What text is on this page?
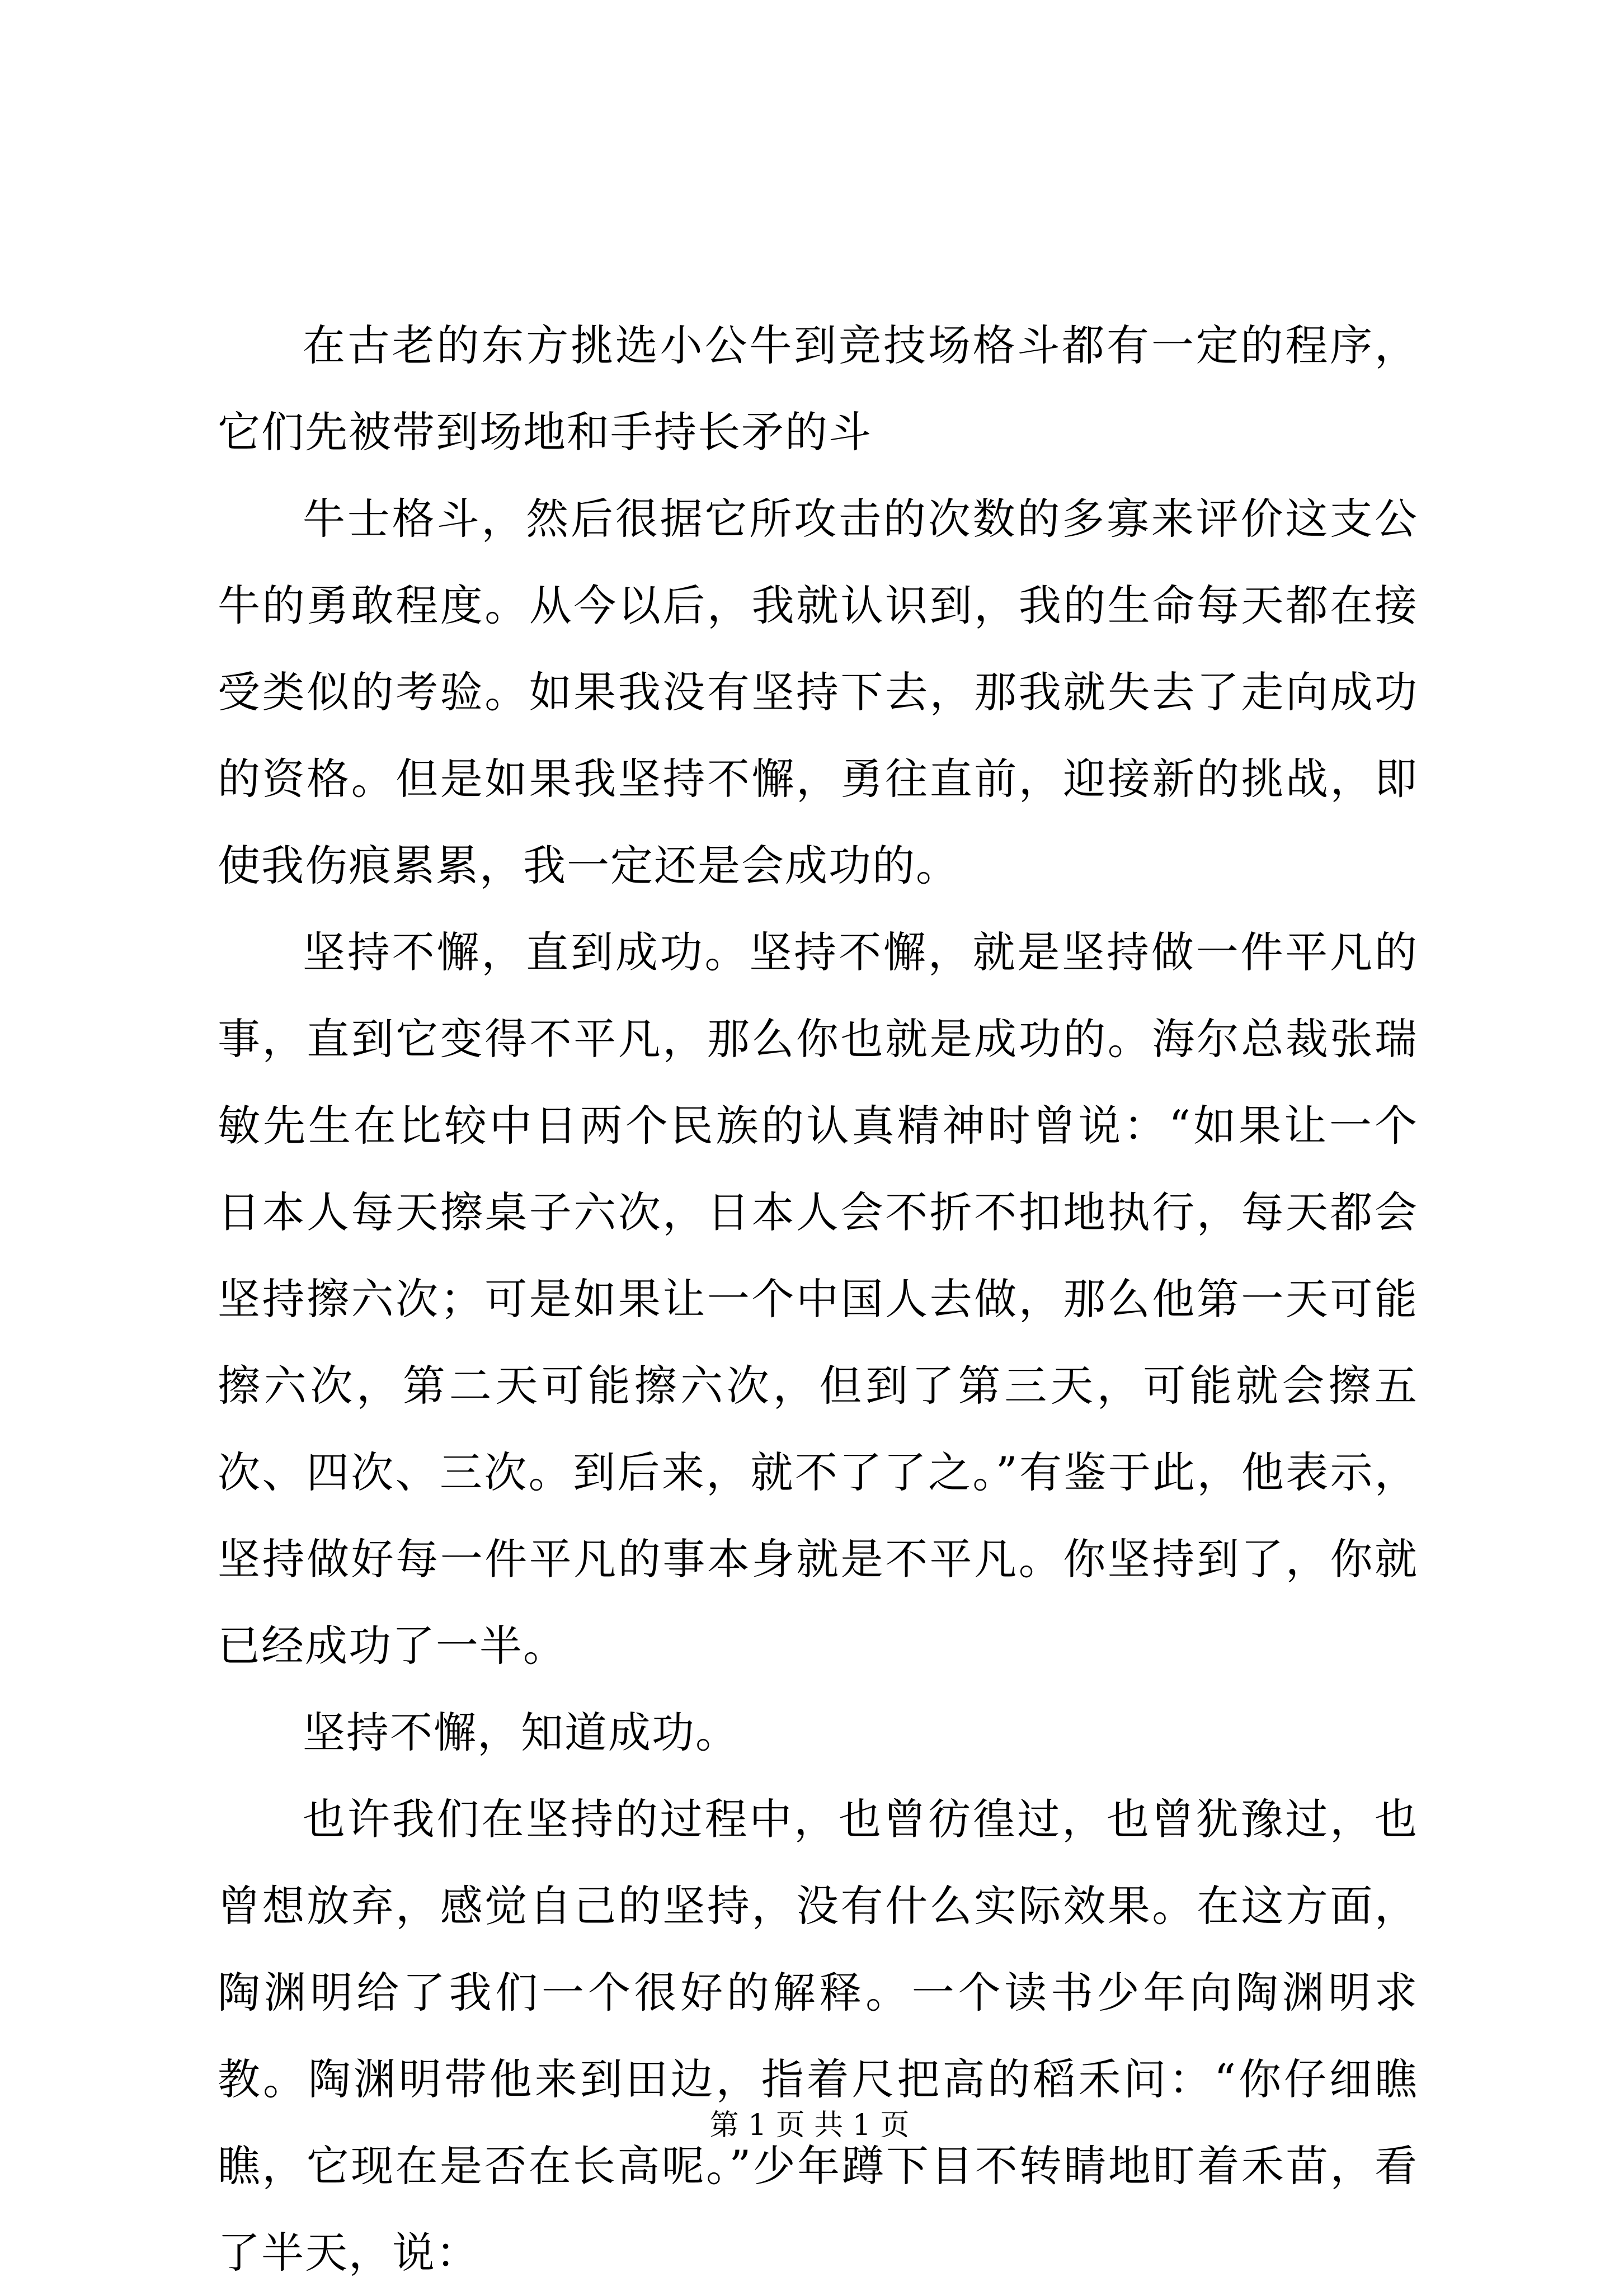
在古老的东方挑选小公牛到竞技场格斗都有一定的程序，它们先被带到场地和手持长矛的斗

牛士格斗，然后很据它所攻击的次数的多寡来评价这支公牛的勇敢程度。从今以后，我就认识到，我的生命每天都在接受类似的考验。如果我没有坚持下去，那我就失去了走向成功的资格。但是如果我坚持不懈，勇往直前，迎接新的挑战，即使我伤痕累累，我一定还是会成功的。

坚持不懈，直到成功。坚持不懈，就是坚持做一件平凡的事，直到它变得不平凡，那么你也就是成功的。海尔总裁张瑞敏先生在比较中日两个民族的认真精神时曾说：“如果让一个日本人每天擦桌子六次，日本人会不折不扣地执行，每天都会坚持擦六次；可是如果让一个中国人去做，那么他第一天可能擦六次，第二天可能擦六次，但到了第三天，可能就会擦五次、四次、三次。到后来，就不了了之。”有鉴于此，他表示，坚持做好每一件平凡的事本身就是不平凡。你坚持到了，你就已经成功了一半。

坚持不懈，知道成功。

也许我们在坚持的过程中，也曾彷徨过，也曾犹豫过，也曾想放弃，感觉自己的坚持，没有什么实际效果。在这方面，陶渊明给了我们一个很好的解释。一个读书少年向陶渊明求教。陶渊明带他来到田边，指着尺把高的稻禾问：“你仔细瞧瞧，它现在是否在长高呢。”少年蹲下目不转睛地盯着禾苗，看了半天，说：

第 1 页 共 1 页
